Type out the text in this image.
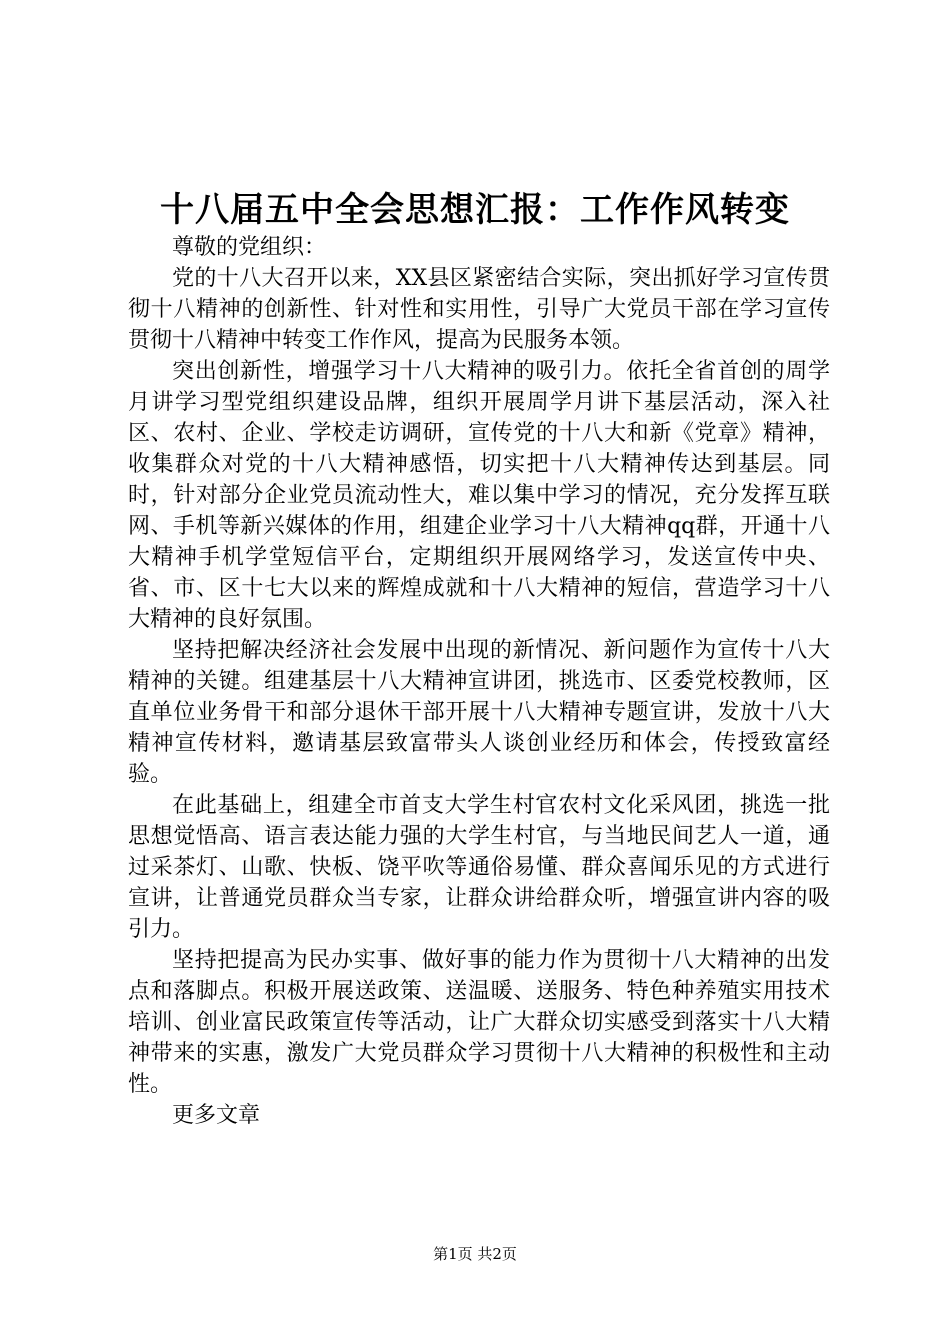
十八届五中全会思想汇报：工作作风转变

尊敬的党组织：

党的十八大召开以来，XX县区紧密结合实际，突出抓好学习宣传贯彻十八精神的创新性、针对性和实用性，引导广大党员干部在学习宣传贯彻十八精神中转变工作作风，提高为民服务本领。

突出创新性，增强学习十八大精神的吸引力。依托全省首创的周学月讲学习型党组织建设品牌，组织开展周学月讲下基层活动，深入社区、农村、企业、学校走访调研，宣传党的十八大和新《党章》精神，收集群众对党的十八大精神感悟，切实把十八大精神传达到基层。同时，针对部分企业党员流动性大，难以集中学习的情况，充分发挥互联网、手机等新兴媒体的作用，组建企业学习十八大精神qq群，开通十八大精神手机学堂短信平台，定期组织开展网络学习，发送宣传中央、省、市、区十七大以来的辉煌成就和十八大精神的短信，营造学习十八大精神的良好氛围。

坚持把解决经济社会发展中出现的新情况、新问题作为宣传十八大精神的关键。组建基层十八大精神宣讲团，挑选市、区委党校教师，区直单位业务骨干和部分退休干部开展十八大精神专题宣讲，发放十八大精神宣传材料，邀请基层致富带头人谈创业经历和体会，传授致富经验。

在此基础上，组建全市首支大学生村官农村文化采风团，挑选一批思想觉悟高、语言表达能力强的大学生村官，与当地民间艺人一道，通过采茶灯、山歌、快板、饶平吹等通俗易懂、群众喜闻乐见的方式进行宣讲，让普通党员群众当专家，让群众讲给群众听，增强宣讲内容的吸引力。

坚持把提高为民办实事、做好事的能力作为贯彻十八大精神的出发点和落脚点。积极开展送政策、送温暖、送服务、特色种养殖实用技术培训、创业富民政策宣传等活动，让广大群众切实感受到落实十八大精神带来的实惠，激发广大党员群众学习贯彻十八大精神的积极性和主动性。

更多文章

第1页 共2页
